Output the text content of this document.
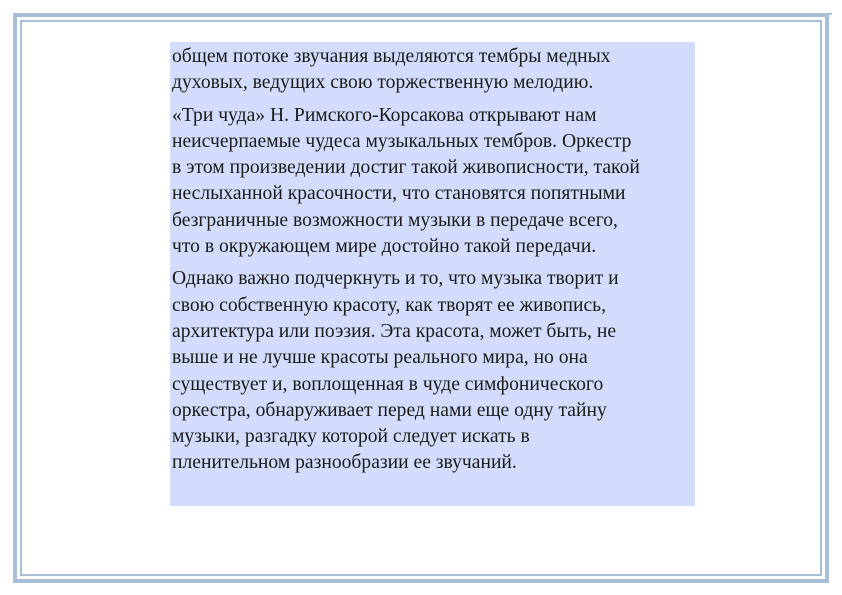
общем потоке звучания выделяются тембры медных
духовых, ведущих свою торжественную мелодию.

«Три чуда» Н. Римского-Корсакова открывают нам
неисчерпаемые чудеса музыкальных тембров. Оркестр
в этом произведении достиг такой живописности, такой
неслыханной красочности, что становятся попятными
безграничные возможности музыки в передаче всего,
что в окружающем мире достойно такой передачи.

Однако важно подчеркнуть и то, что музыка творит и
свою собственную красоту, как творят ее живопись,
архитектура или поэзия. Эта красота, может быть, не
выше и не лучше красоты реального мира, но она
существует и, воплощенная в чуде симфонического
оркестра, обнаруживает перед нами еще одну тайну
музыки, разгадку которой следует искать в
пленительном разнообразии ее звучаний.
